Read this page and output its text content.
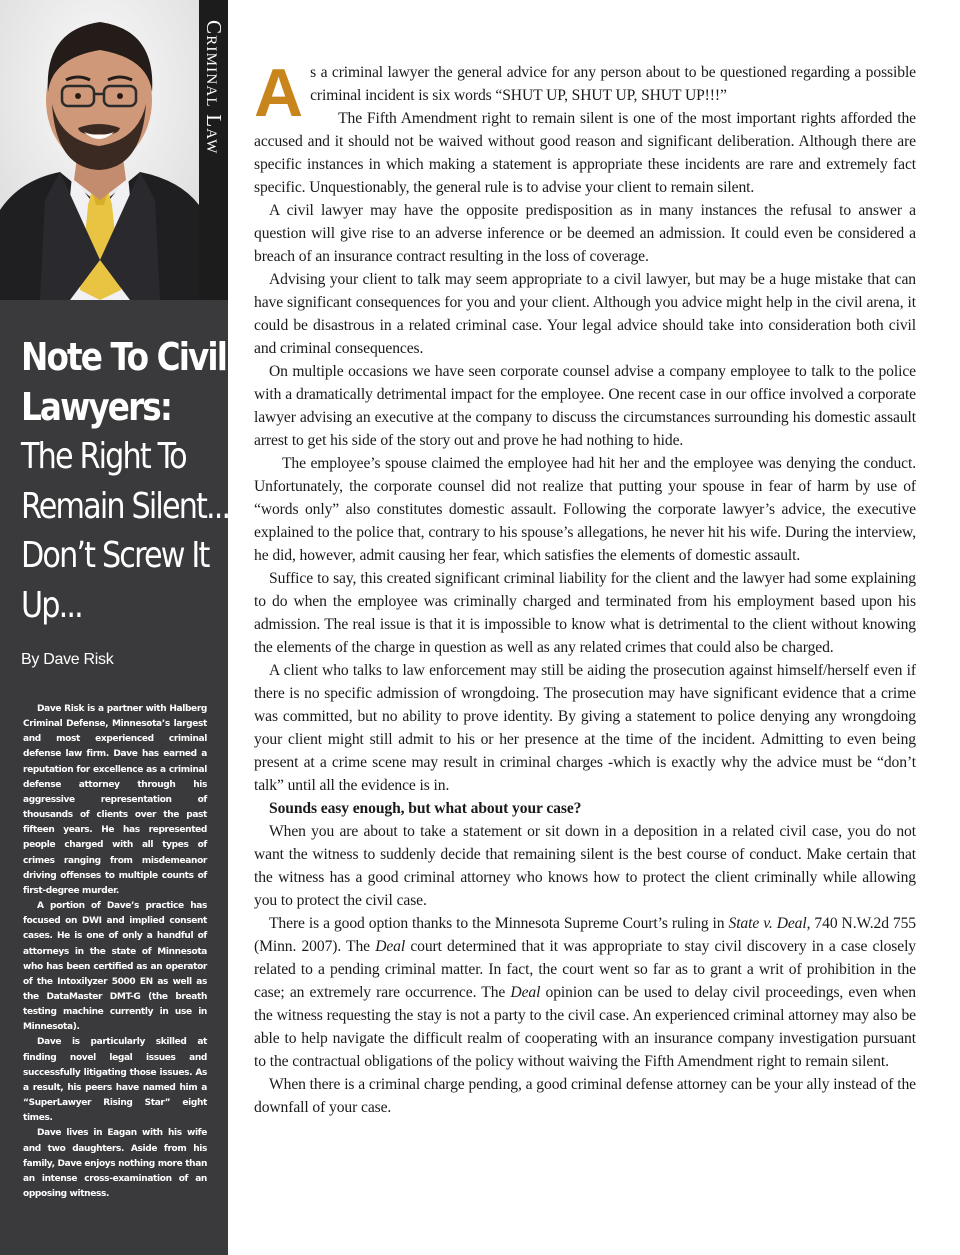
Criminal Law
Note To Civil
Lawyers:
The Right To
Remain Silent...
Don’t Screw It
Up...
By Dave Risk

Dave Risk is a partner with Halberg Criminal Defense, Minnesota’s largest and most experienced criminal defense law firm. Dave has earned a reputation for excellence as a criminal defense attorney through his aggressive representation of thousands of clients over the past fifteen years. He has represented people charged with all types of crimes ranging from misdemeanor driving offenses to multiple counts of first-degree murder.

A portion of Dave’s practice has focused on DWI and implied consent cases. He is one of only a handful of attorneys in the state of Minnesota who has been certified as an operator of the Intoxilyzer 5000 EN as well as the DataMaster DMT-G (the breath testing machine currently in use in Minnesota).

Dave is particularly skilled at finding novel legal issues and successfully litigating those issues. As a result, his peers have named him a “SuperLawyer Rising Star” eight times.

Dave lives in Eagan with his wife and two daughters. Aside from his family, Dave enjoys nothing more than an intense cross-examination of an opposing witness.

As a criminal lawyer the general advice for any person about to be questioned regarding a possible criminal incident is six words “SHUT UP, SHUT UP, SHUT UP!!!”

The Fifth Amendment right to remain silent is one of the most important rights afforded the accused and it should not be waived without good reason and significant deliberation. Although there are specific instances in which making a statement is appropriate these incidents are rare and extremely fact specific. Unquestionably, the general rule is to advise your client to remain silent.

A civil lawyer may have the opposite predisposition as in many instances the refusal to answer a question will give rise to an adverse inference or be deemed an admission. It could even be considered a breach of an insurance contract resulting in the loss of coverage.

Advising your client to talk may seem appropriate to a civil lawyer, but may be a huge mistake that can have significant consequences for you and your client. Although you advice might help in the civil arena, it could be disastrous in a related criminal case. Your legal advice should take into consideration both civil and criminal consequences.

On multiple occasions we have seen corporate counsel advise a company employee to talk to the police with a dramatically detrimental impact for the employee. One recent case in our office involved a corporate lawyer advising an executive at the company to discuss the circumstances surrounding his domestic assault arrest to get his side of the story out and prove he had nothing to hide.

The employee’s spouse claimed the employee had hit her and the employee was denying the conduct. Unfortunately, the corporate counsel did not realize that putting your spouse in fear of harm by use of “words only” also constitutes domestic assault. Following the corporate lawyer’s advice, the executive explained to the police that, contrary to his spouse’s allegations, he never hit his wife. During the interview, he did, however, admit causing her fear, which satisfies the elements of domestic assault.

Suffice to say, this created significant criminal liability for the client and the lawyer had some explaining to do when the employee was criminally charged and terminated from his employment based upon his admission. The real issue is that it is impossible to know what is detrimental to the client without knowing the elements of the charge in question as well as any related crimes that could also be charged.

A client who talks to law enforcement may still be aiding the prosecution against himself/herself even if there is no specific admission of wrongdoing. The prosecution may have significant evidence that a crime was committed, but no ability to prove identity. By giving a statement to police denying any wrongdoing your client might still admit to his or her presence at the time of the incident. Admitting to even being present at a crime scene may result in criminal charges -which is exactly why the advice must be “don’t talk” until all the evidence is in.

Sounds easy enough, but what about your case?

When you are about to take a statement or sit down in a deposition in a related civil case, you do not want the witness to suddenly decide that remaining silent is the best course of conduct. Make certain that the witness has a good criminal attorney who knows how to protect the client criminally while allowing you to protect the civil case.

There is a good option thanks to the Minnesota Supreme Court’s ruling in State v. Deal, 740 N.W.2d 755 (Minn. 2007). The Deal court determined that it was appropriate to stay civil discovery in a case closely related to a pending criminal matter. In fact, the court went so far as to grant a writ of prohibition in the case; an extremely rare occurrence. The Deal opinion can be used to delay civil proceedings, even when the witness requesting the stay is not a party to the civil case. An experienced criminal attorney may also be able to help navigate the difficult realm of cooperating with an insurance company investigation pursuant to the contractual obligations of the policy without waiving the Fifth Amendment right to remain silent.

When there is a criminal charge pending, a good criminal defense attorney can be your ally instead of the downfall of your case.
